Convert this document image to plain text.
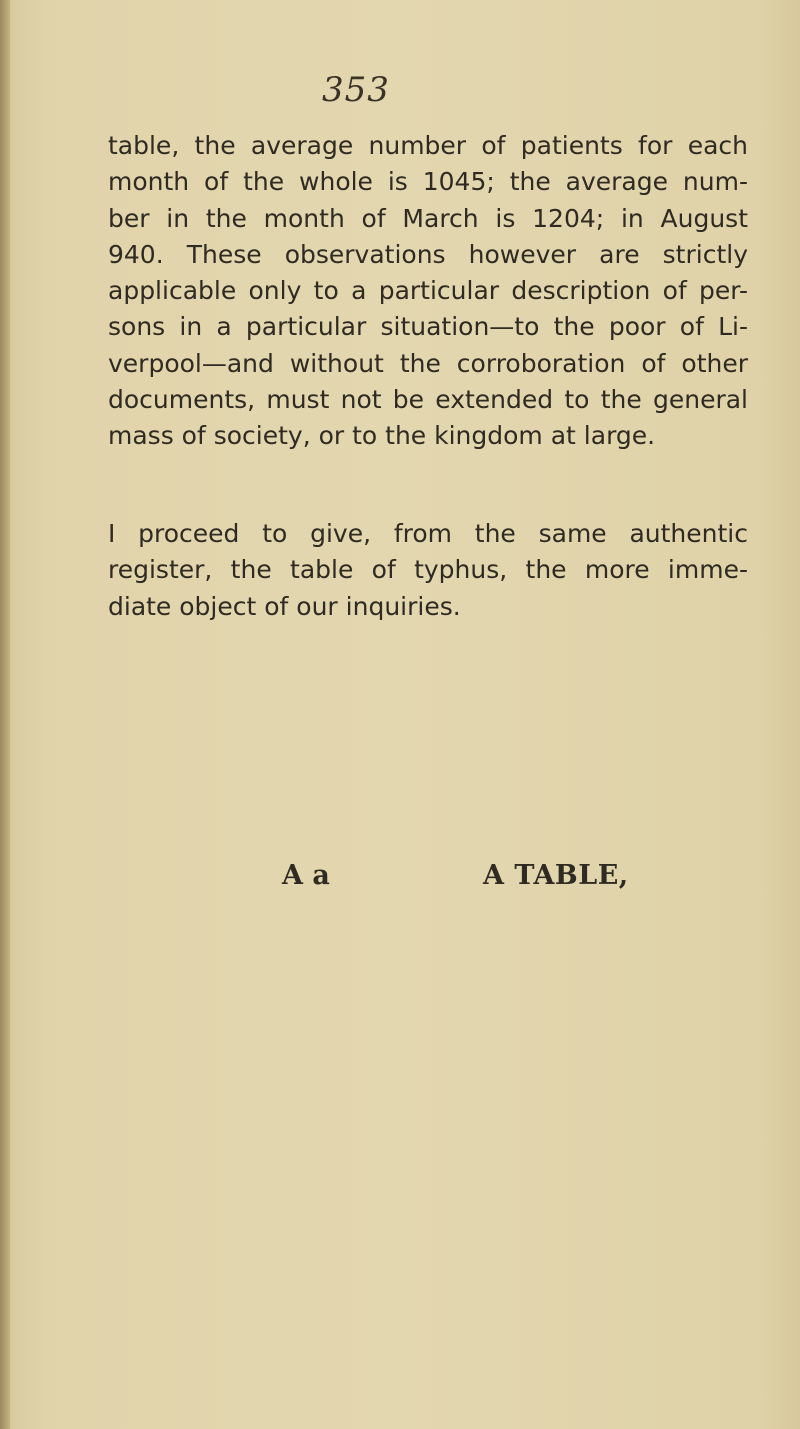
353
table, the average number of patients for each
month of the whole is 1045; the average num-
ber in the month of March is 1204; in August
940. These observations however are strictly
applicable only to a particular description of per-
sons in a particular situation—to the poor of Li-
verpool—and without the corroboration of other
documents, must not be extended to the general
mass of society, or to the kingdom at large.
I proceed to give, from the same authentic
register, the table of typhus, the more imme-
diate object of our inquiries.
A a	A TABLE,
